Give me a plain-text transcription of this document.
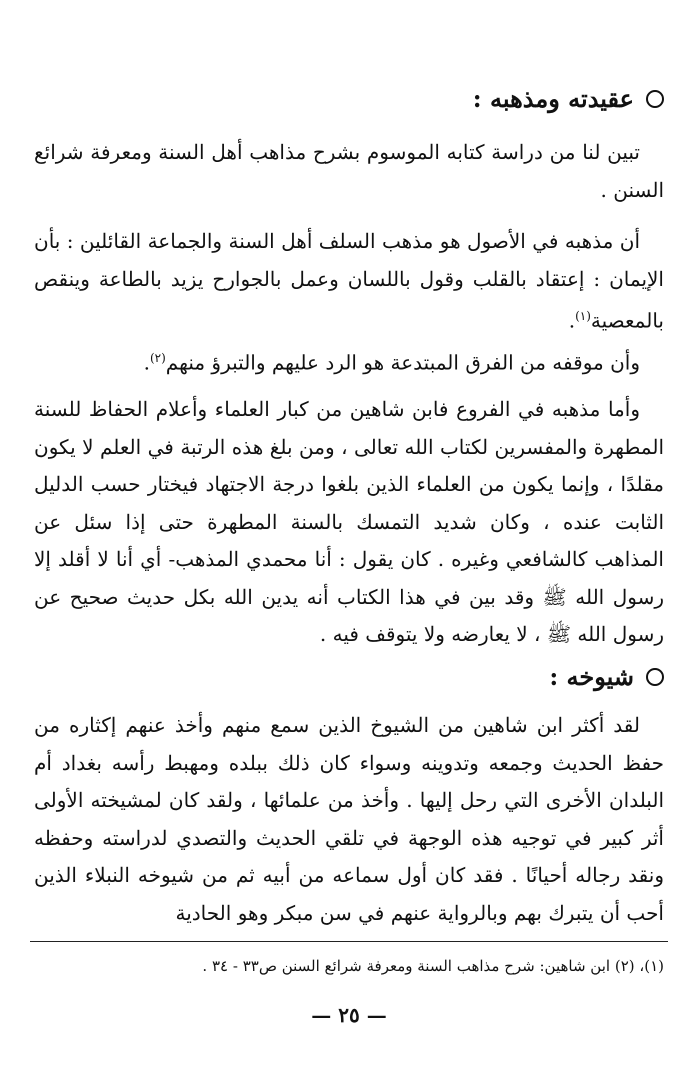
عقيدته ومذهبه :

تبين لنا من دراسة كتابه الموسوم بشرح مذاهب أهل السنة ومعرفة شرائع السنن .

أن مذهبه في الأصول هو مذهب السلف أهل السنة والجماعة القائلين : بأن الإيمان : إعتقاد بالقلب وقول باللسان وعمل بالجوارح يزيد بالطاعة وينقص بالمعصية$^{(١)}$.

وأن موقفه من الفرق المبتدعة هو الرد عليهم والتبرؤ منهم$^{(٢)}$.

وأما مذهبه في الفروع فابن شاهين من كبار العلماء وأعلام الحفاظ للسنة المطهرة والمفسرين لكتاب الله تعالى ، ومن بلغ هذه الرتبة في العلم لا يكون مقلدًا ، وإنما يكون من العلماء الذين بلغوا درجة الاجتهاد فيختار حسب الدليل الثابت عنده ، وكان شديد التمسك بالسنة المطهرة حتى إذا سئل عن المذاهب كالشافعي وغيره . كان يقول : أنا محمدي المذهب- أي أنا لا أقلد إلا رسول الله ﷺ وقد بين في هذا الكتاب أنه يدين الله بكل حديث صحيح عن رسول الله ﷺ ، لا يعارضه ولا يتوقف فيه .

شيوخه :

لقد أكثر ابن شاهين من الشيوخ الذين سمع منهم وأخذ عنهم إكثاره من حفظ الحديث وجمعه وتدوينه وسواء كان ذلك ببلده ومهبط رأسه بغداد أم البلدان الأخرى التي رحل إليها . وأخذ من علمائها ، ولقد كان لمشيخته الأولى أثر كبير في توجيه هذه الوجهة في تلقي الحديث والتصدي لدراسته وحفظه ونقد رجاله أحيانًا . فقد كان أول سماعه من أبيه ثم من شيوخه النبلاء الذين أحب أن يتبرك بهم وبالرواية عنهم في سن مبكر وهو الحادية

(١)، (٢) ابن شاهين: شرح مذاهب السنة ومعرفة شرائع السنن ص٣٣ - ٣٤ .
— ٢٥ —
